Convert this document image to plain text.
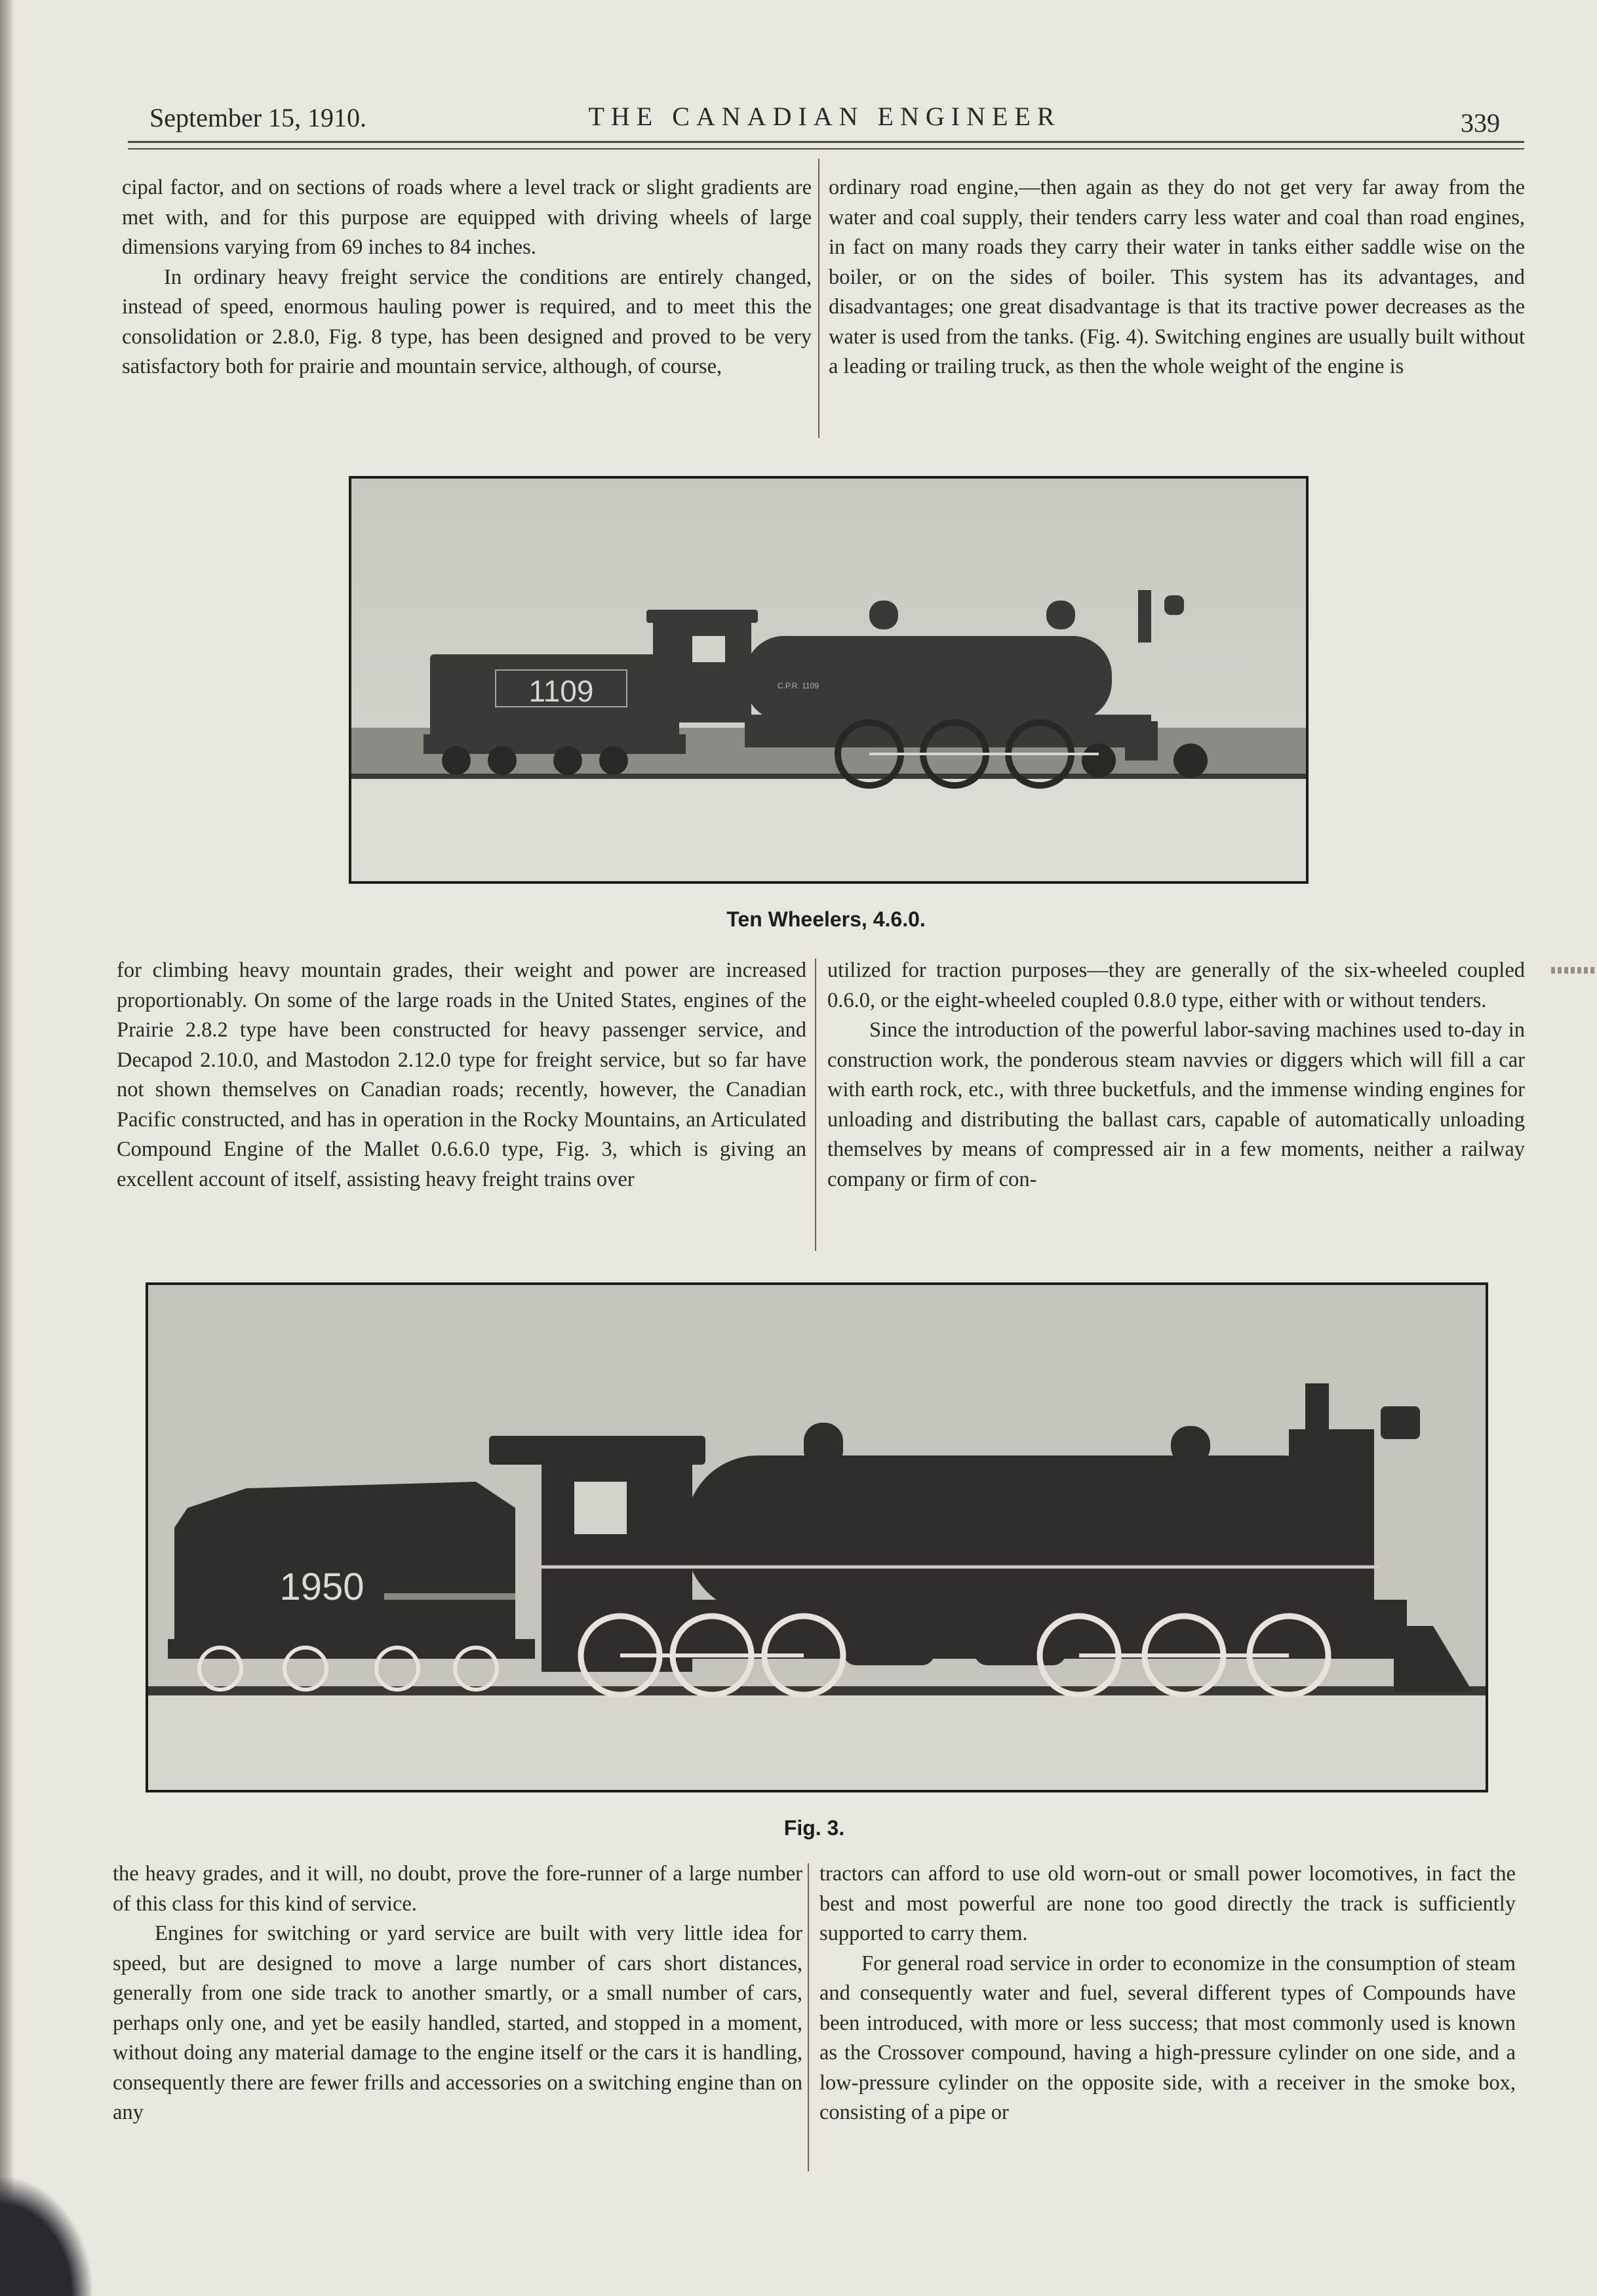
September 15, 1910.	THE CANADIAN ENGINEER	339

cipal factor, and on sections of roads where a level track or slight gradients are met with, and for this purpose are equipped with driving wheels of large dimensions varying from 69 inches to 84 inches.

In ordinary heavy freight service the conditions are entirely changed, instead of speed, enormous hauling power is required, and to meet this the consolidation or 2.8.0, Fig. 8 type, has been designed and proved to be very satisfactory both for prairie and mountain service, although, of course,

ordinary road engine,—then again as they do not get very far away from the water and coal supply, their tenders carry less water and coal than road engines, in fact on many roads they carry their water in tanks either saddle wise on the boiler, or on the sides of boiler. This system has its advantages, and disadvantages; one great disadvantage is that its tractive power decreases as the water is used from the tanks. (Fig. 4). Switching engines are usually built without a leading or trailing truck, as then the whole weight of the engine is

1109	C.P.R. 1109
Ten Wheelers, 4.6.0.

for climbing heavy mountain grades, their weight and power are increased proportionably. On some of the large roads in the United States, engines of the Prairie 2.8.2 type have been constructed for heavy passenger service, and Decapod 2.10.0, and Mastodon 2.12.0 type for freight service, but so far have not shown themselves on Canadian roads; recently, however, the Canadian Pacific constructed, and has in operation in the Rocky Mountains, an Articulated Compound Engine of the Mallet 0.6.6.0 type, Fig. 3, which is giving an excellent account of itself, assisting heavy freight trains over

utilized for traction purposes—they are generally of the six-wheeled coupled 0.6.0, or the eight-wheeled coupled 0.8.0 type, either with or without tenders.

Since the introduction of the powerful labor-saving machines used to-day in construction work, the ponderous steam navvies or diggers which will fill a car with earth rock, etc., with three bucketfuls, and the immense winding engines for unloading and distributing the ballast cars, capable of automatically unloading themselves by means of compressed air in a few moments, neither a railway company or firm of con-

1950
Fig. 3.

the heavy grades, and it will, no doubt, prove the fore-runner of a large number of this class for this kind of service.

Engines for switching or yard service are built with very little idea for speed, but are designed to move a large number of cars short distances, generally from one side track to another smartly, or a small number of cars, perhaps only one, and yet be easily handled, started, and stopped in a moment, without doing any material damage to the engine itself or the cars it is handling, consequently there are fewer frills and accessories on a switching engine than on any

tractors can afford to use old worn-out or small power locomotives, in fact the best and most powerful are none too good directly the track is sufficiently supported to carry them.

For general road service in order to economize in the consumption of steam and consequently water and fuel, several different types of Compounds have been introduced, with more or less success; that most commonly used is known as the Crossover compound, having a high-pressure cylinder on one side, and a low-pressure cylinder on the opposite side, with a receiver in the smoke box, consisting of a pipe or
